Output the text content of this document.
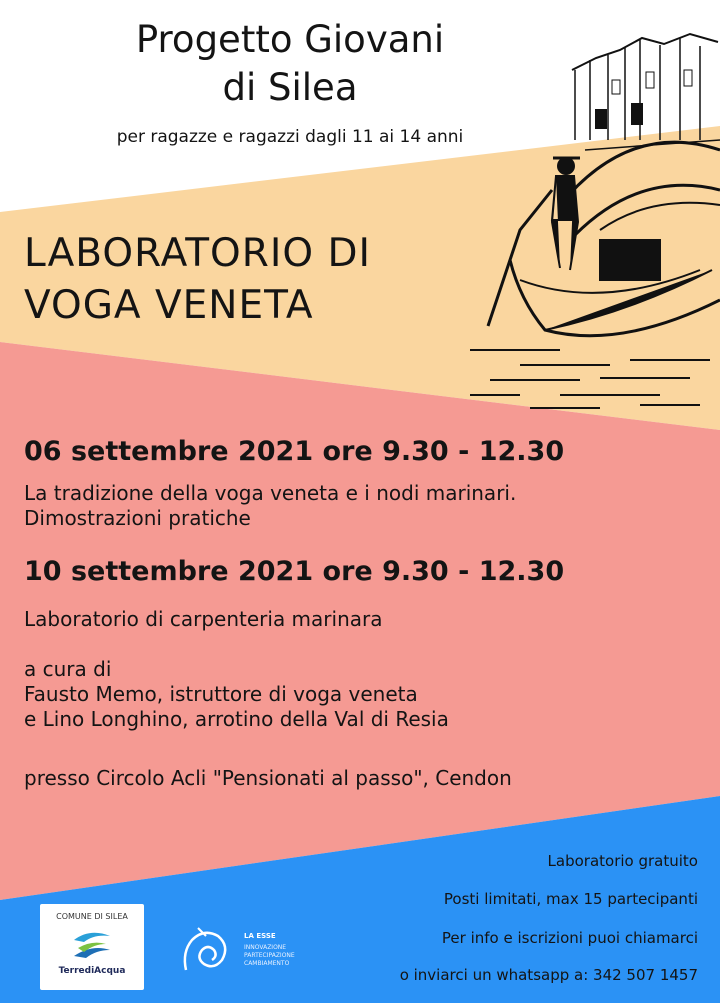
Progetto Giovani
di Silea
per ragazze e ragazzi dagli 11 ai 14 anni
LABORATORIO DI
VOGA VENETA
06 settembre 2021 ore 9.30 - 12.30
La tradizione della voga veneta e i nodi marinari.
Dimostrazioni pratiche
10 settembre 2021 ore 9.30 - 12.30
Laboratorio di carpenteria marinara
a cura di
Fausto Memo, istruttore di voga veneta
e Lino Longhino, arrotino della Val di Resia
presso Circolo Acli "Pensionati al passo", Cendon
Laboratorio gratuito
Posti limitati, max 15 partecipanti
Per info e iscrizioni puoi chiamarci
o inviarci un whatsapp a: 342 507 1457
COMUNE DI SILEA
TerrediAcqua
LA ESSE
INNOVAZIONE
PARTECIPAZIONE
CAMBIAMENTO
